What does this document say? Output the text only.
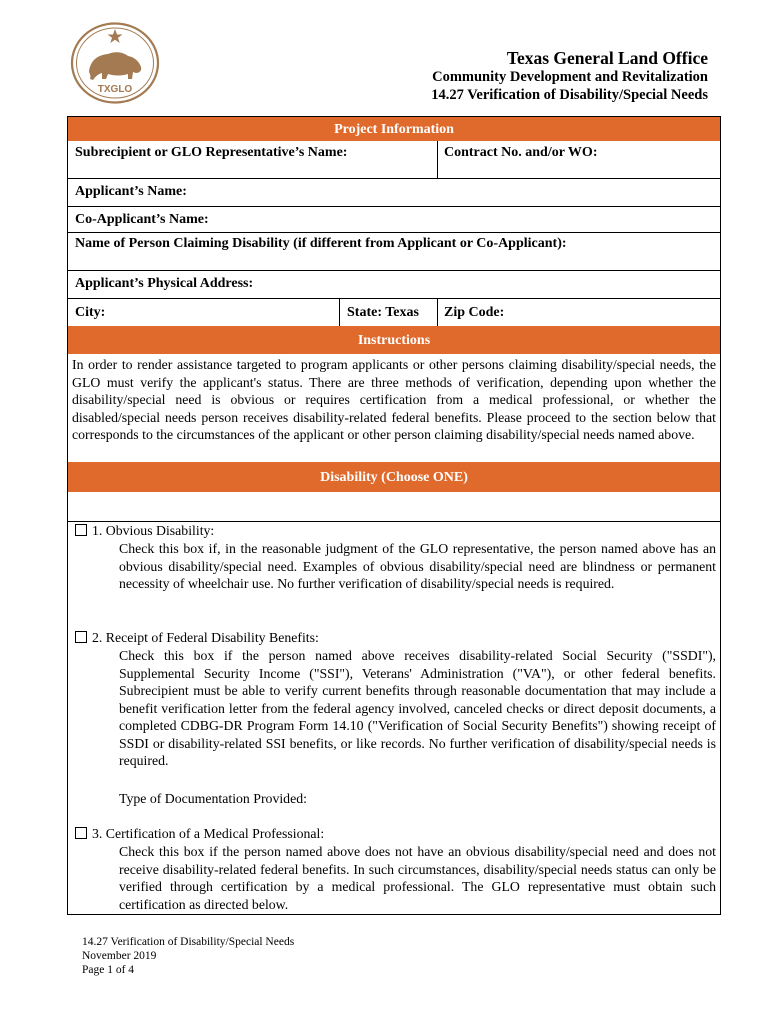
TXGLO
Texas General Land Office
Community Development and Revitalization
14.27 Verification of Disability/Special Needs
Project Information
Subrecipient or GLO Representative’s Name:	Contract No. and/or WO:
Applicant’s Name:
Co-Applicant’s Name:
Name of Person Claiming Disability (if different from Applicant or Co-Applicant):
Applicant’s Physical Address:
City:	State: Texas Zip Code:
Instructions
In order to render assistance targeted to program applicants or other persons claiming disability/special needs, the GLO must verify the applicant's status. There are three methods of verification, depending upon whether the disability/special need is obvious or requires certification from a medical professional, or whether the disabled/special needs person receives disability-related federal benefits. Please proceed to the section below that corresponds to the circumstances of the applicant or other person claiming disability/special needs named above.
Disability (Choose ONE)
1. Obvious Disability:
Check this box if, in the reasonable judgment of the GLO representative, the person named above has an obvious disability/special need. Examples of obvious disability/special need are blindness or permanent necessity of wheelchair use. No further verification of disability/special needs is required.
2. Receipt of Federal Disability Benefits:
Check this box if the person named above receives disability-related Social Security ("SSDI"), Supplemental Security Income ("SSI"), Veterans' Administration ("VA"), or other federal benefits. Subrecipient must be able to verify current benefits through reasonable documentation that may include a benefit verification letter from the federal agency involved, canceled checks or direct deposit documents, a completed CDBG-DR Program Form 14.10 ("Verification of Social Security Benefits") showing receipt of SSDI or disability-related SSI benefits, or like records. No further verification of disability/special needs is required.
Type of Documentation Provided:
3. Certification of a Medical Professional:
Check this box if the person named above does not have an obvious disability/special need and does not receive disability-related federal benefits. In such circumstances, disability/special needs status can only be verified through certification by a medical professional. The GLO representative must obtain such certification as directed below.
14.27 Verification of Disability/Special Needs
November 2019
Page 1 of 4
